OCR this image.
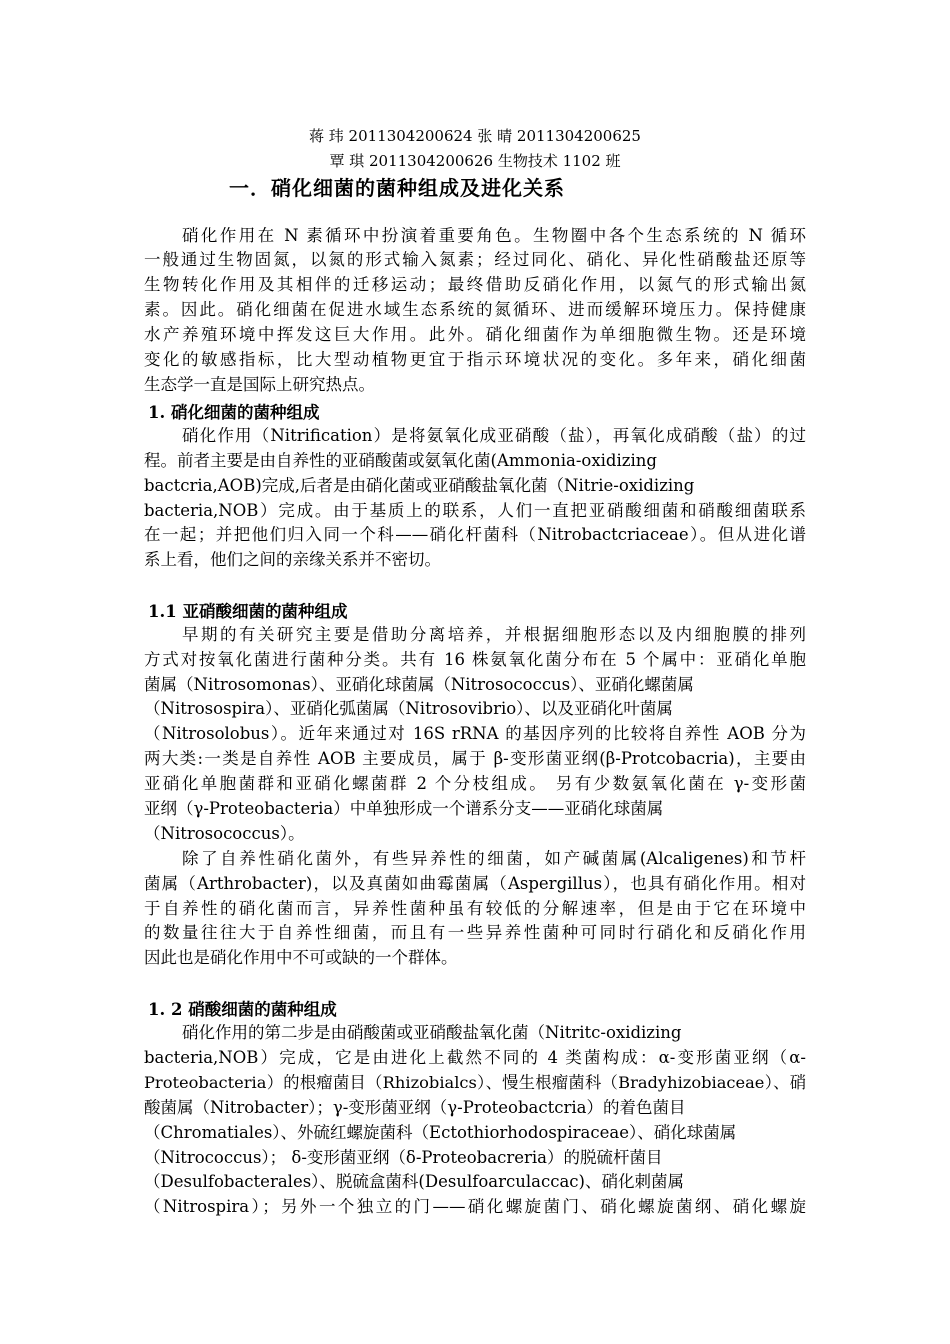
蒋 玮 2011304200624 张 晴 2011304200625
覃 琪 2011304200626 生物技术 1102 班
一．硝化细菌的菌种组成及进化关系
硝化作用在 N 素循环中扮演着重要角色。生物圈中各个生态系统的 N 循环
一般通过生物固氮，以氮的形式输入氮素；经过同化、硝化、异化性硝酸盐还原等
生物转化作用及其相伴的迁移运动；最终借助反硝化作用，以氮气的形式输出氮
素。因此。硝化细菌在促进水域生态系统的氮循环、进而缓解环境压力。保持健康
水产养殖环境中挥发这巨大作用。此外。硝化细菌作为单细胞微生物。还是环境
变化的敏感指标，比大型动植物更宜于指示环境状况的变化。多年来，硝化细菌
生态学一直是国际上研究热点。
1. 硝化细菌的菌种组成
硝化作用（Nitrification）是将氨氧化成亚硝酸（盐），再氧化成硝酸（盐）的过
程。前者主要是由自养性的亚硝酸菌或氨氧化菌(Ammonia-oxidizing
bactcria,AOB)完成,后者是由硝化菌或亚硝酸盐氧化菌（Nitrie-oxidizing
bacteria,NOB）完成。由于基质上的联系，人们一直把亚硝酸细菌和硝酸细菌联系
在一起；并把他们归入同一个科——硝化杆菌科（Nitrobactcriaceae）。但从进化谱
系上看，他们之间的亲缘关系并不密切。
1.1 亚硝酸细菌的菌种组成
早期的有关研究主要是借助分离培养，并根据细胞形态以及内细胞膜的排列
方式对按氧化菌进行菌种分类。共有 16 株氨氧化菌分布在 5 个属中：亚硝化单胞
菌属（Nitrosomonas）、亚硝化球菌属（Nitrosococcus）、亚硝化螺菌属
（Nitrosospira）、亚硝化弧菌属（Nitrosovibrio）、以及亚硝化叶菌属
（Nitrosolobus）。近年来通过对 16S rRNA 的基因序列的比较将自养性 AOB 分为
两大类:一类是自养性 AOB 主要成员，属于 β-变形菌亚纲(β-Protcobacria)，主要由
亚硝化单胞菌群和亚硝化螺菌群 2 个分枝组成。 另有少数氨氧化菌在 γ-变形菌
亚纲（γ-Proteobacteria）中单独形成一个谱系分支——亚硝化球菌属
（Nitrosococcus）。
除了自养性硝化菌外，有些异养性的细菌，如产碱菌属(Alcaligenes)和节杆
菌属（Arthrobacter)，以及真菌如曲霉菌属（Aspergillus），也具有硝化作用。相对
于自养性的硝化菌而言，异养性菌种虽有较低的分解速率，但是由于它在环境中
的数量往往大于自养性细菌，而且有一些异养性菌种可同时行硝化和反硝化作用
因此也是硝化作用中不可或缺的一个群体。
1. 2 硝酸细菌的菌种组成
硝化作用的第二步是由硝酸菌或亚硝酸盐氧化菌（Nitritc-oxidizing
bacteria,NOB）完成，它是由进化上截然不同的 4 类菌构成：α-变形菌亚纲（α-
Proteobacteria）的根瘤菌目（Rhizobialcs）、慢生根瘤菌科（Bradyhizobiaceae）、硝
酸菌属（Nitrobacter）；γ-变形菌亚纲（γ-Proteobactcria）的着色菌目
（Chromatiales）、外硫红螺旋菌科（Ectothiorhodospiraceae）、硝化球菌属
（Nitrococcus）； δ-变形菌亚纲（δ-Proteobacreria）的脱硫杆菌目
（Desulfobacterales）、脱硫盒菌科(Desulfoarculaccac)、硝化刺菌属
（Nitrospira）；另外一个独立的门——硝化螺旋菌门、硝化螺旋菌纲、硝化螺旋
